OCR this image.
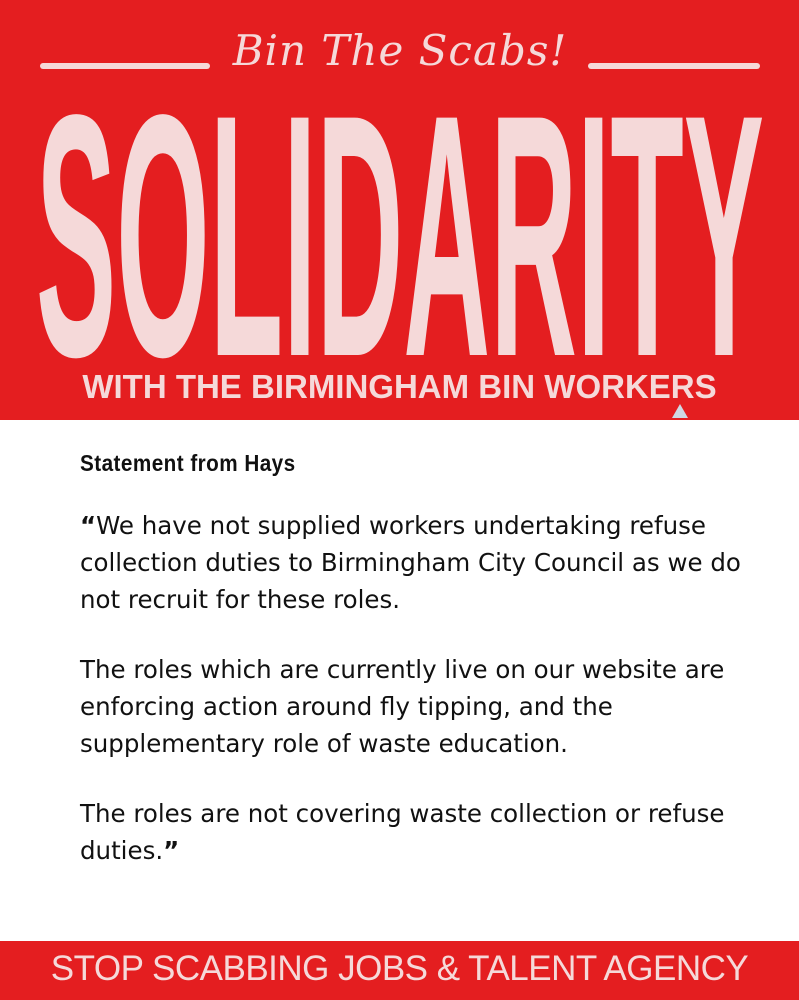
Bin The Scabs!
SOLIDARITY
WITH THE BIRMINGHAM BIN WORKERS
Statement from Hays

“We have not supplied workers undertaking refuse collection duties to Birmingham City Council as we do not recruit for these roles.

The roles which are currently live on our website are enforcing action around fly tipping, and the supplementary role of waste education.

The roles are not covering waste collection or refuse duties.”

STOP SCABBING JOBS & TALENT AGENCY
